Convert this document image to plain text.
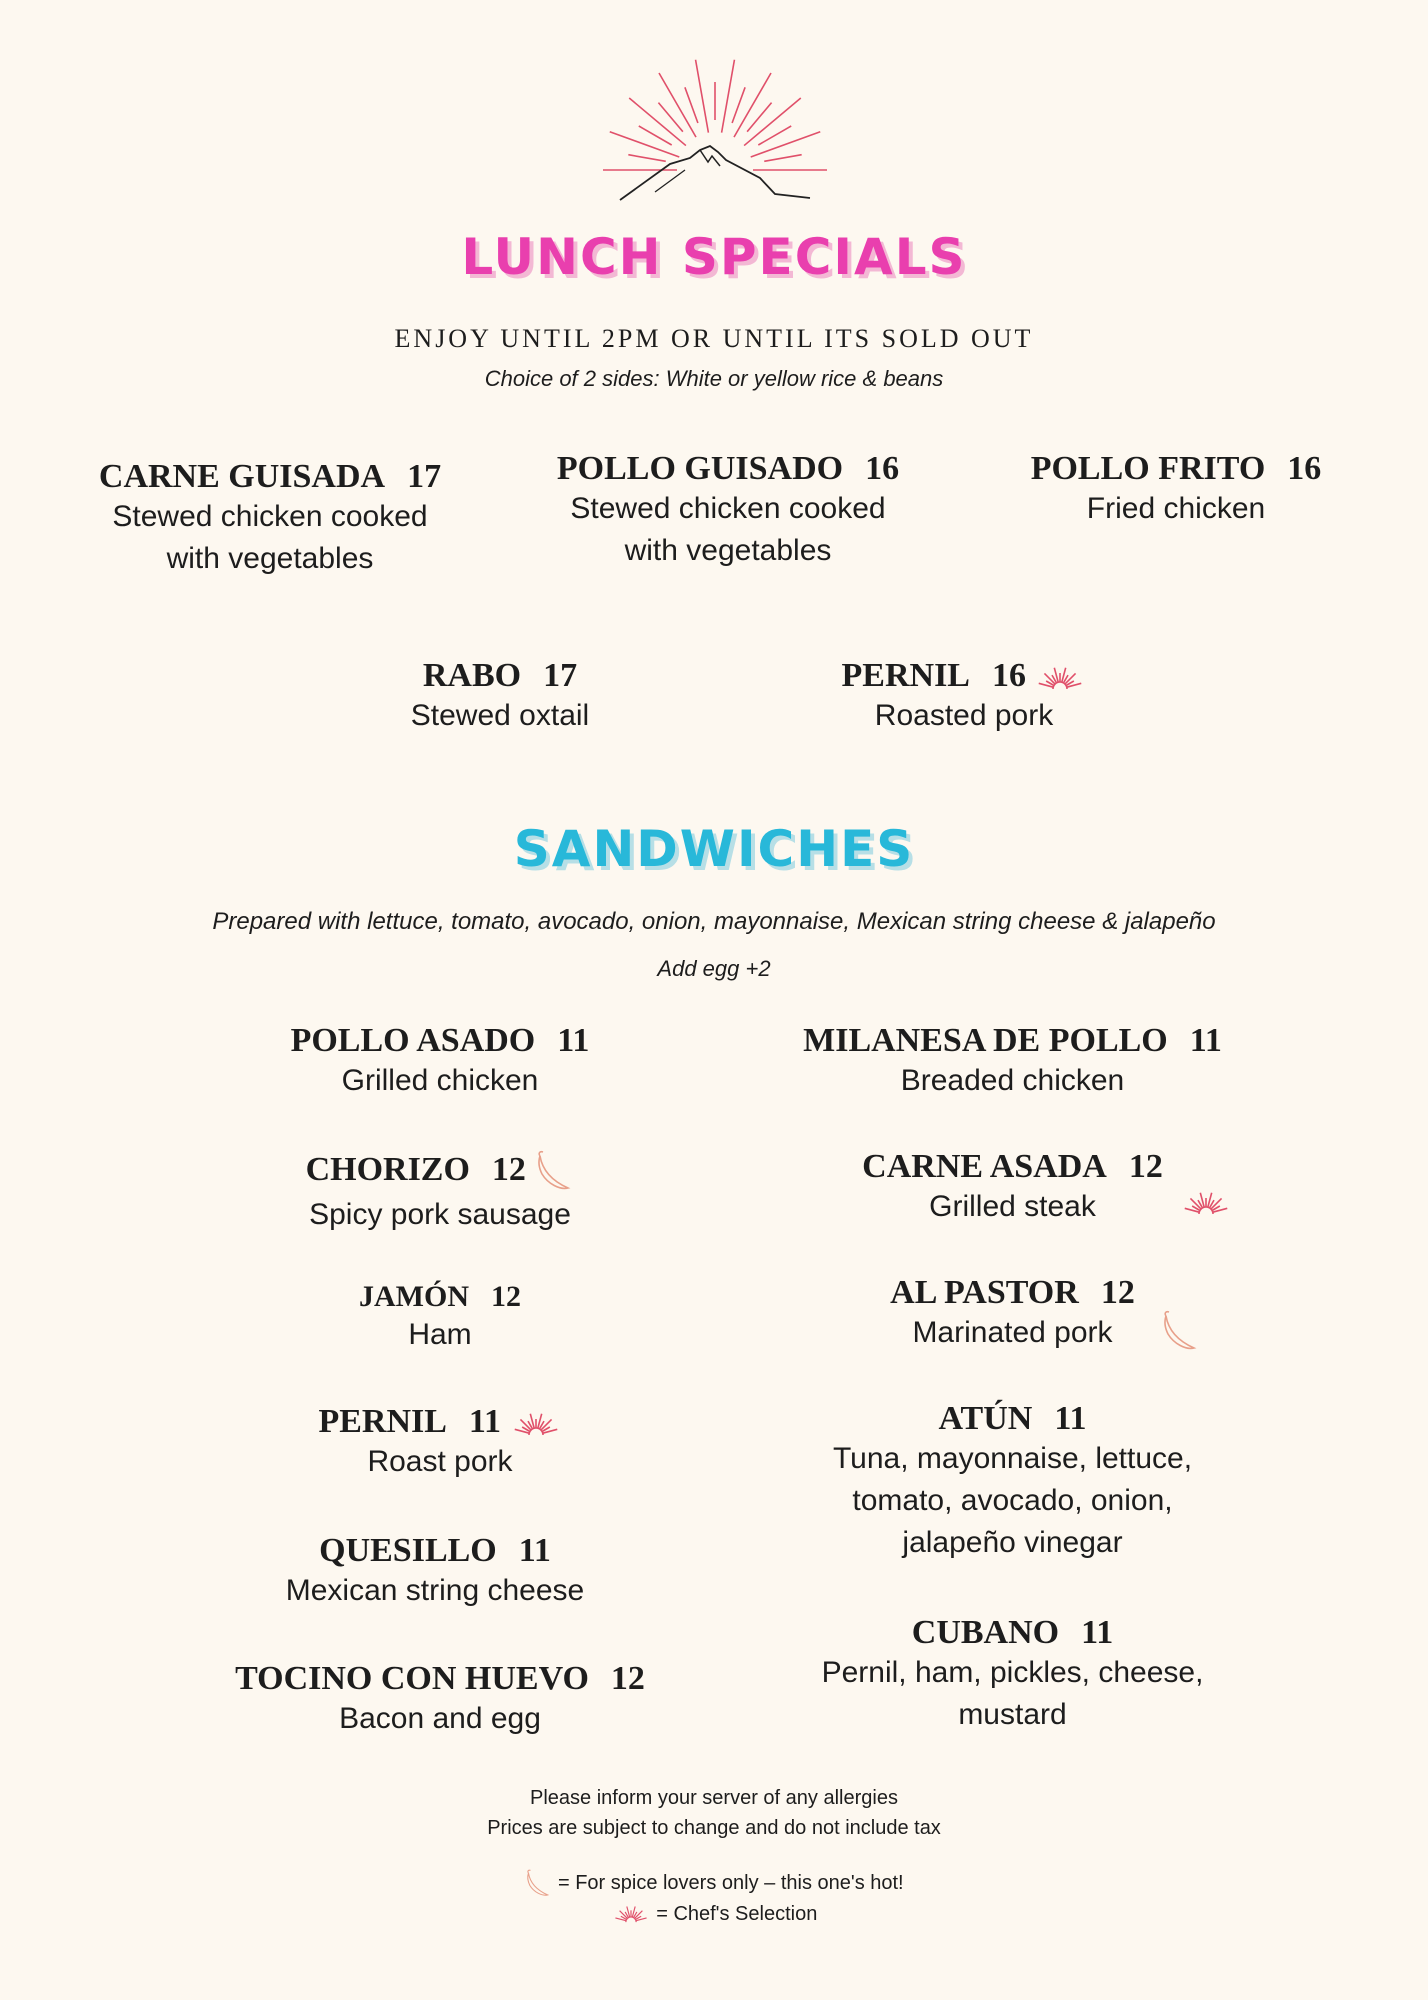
LUNCH SPECIALS
ENJOY UNTIL 2PM OR UNTIL ITS SOLD OUT
Choice of 2 sides: White or yellow rice & beans
CARNE GUISADA 17
Stewed chicken cooked
with vegetables
POLLO GUISADO 16
Stewed chicken cooked
with vegetables
POLLO FRITO 16
Fried chicken
RABO 17
Stewed oxtail
PERNIL 16
Roasted pork
SANDWICHES
Prepared with lettuce, tomato, avocado, onion, mayonnaise, Mexican string cheese & jalapeño
Add egg +2
POLLO ASADO 11
Grilled chicken
CHORIZO 12
Spicy pork sausage
JAMÓN 12
Ham
PERNIL 11
Roast pork
QUESILLO 11
Mexican string cheese
TOCINO CON HUEVO 12
Bacon and egg
MILANESA DE POLLO 11
Breaded chicken
CARNE ASADA 12
Grilled steak
AL PASTOR 12
Marinated pork
ATÚN 11
Tuna, mayonnaise, lettuce,
tomato, avocado, onion,
jalapeño vinegar
CUBANO 11
Pernil, ham, pickles, cheese,
mustard
Please inform your server of any allergies
Prices are subject to change and do not include tax
= For spice lovers only – this one's hot!
= Chef's Selection
